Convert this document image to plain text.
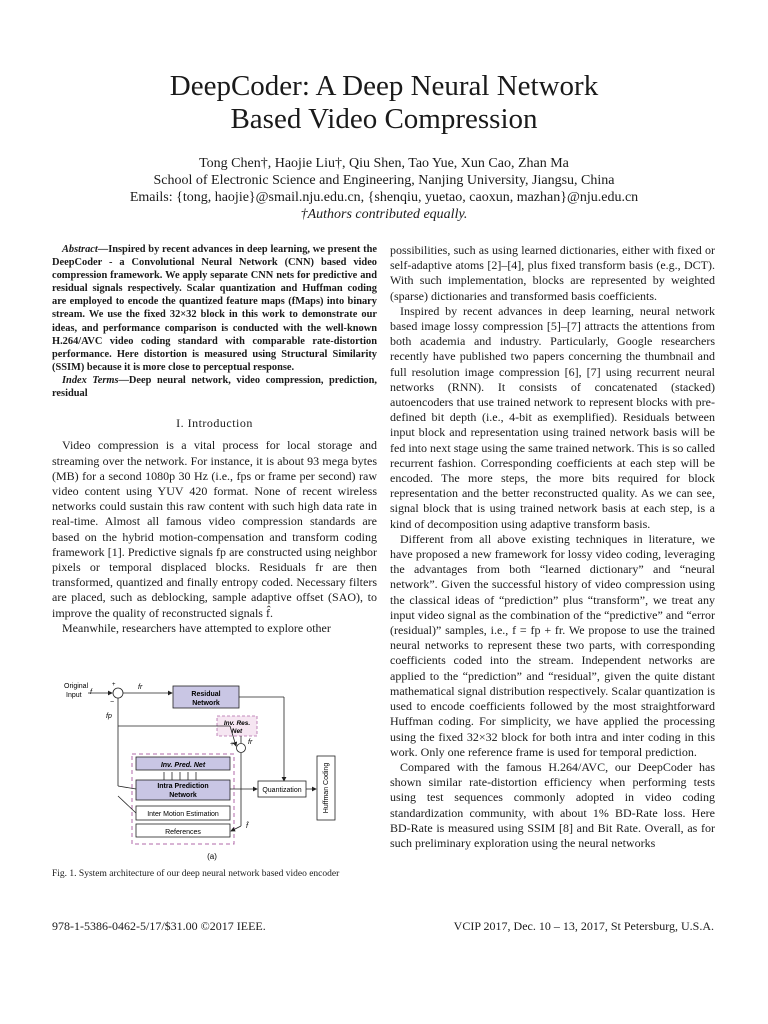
DeepCoder: A Deep Neural Network
Based Video Compression
Tong Chen†, Haojie Liu†, Qiu Shen, Tao Yue, Xun Cao, Zhan Ma
School of Electronic Science and Engineering, Nanjing University, Jiangsu, China
Emails: {tong, haojie}@smail.nju.edu.cn, {shenqiu, yuetao, caoxun, mazhan}@nju.edu.cn
†Authors contributed equally.

Abstract—Inspired by recent advances in deep learning, we present the DeepCoder - a Convolutional Neural Network (CNN) based video compression framework. We apply separate CNN nets for predictive and residual signals respectively. Scalar quantization and Huffman coding are employed to encode the quantized feature maps (fMaps) into binary stream. We use the fixed 32×32 block in this work to demonstrate our ideas, and performance comparison is conducted with the well-known H.264/AVC video coding standard with comparable rate-distortion performance. Here distortion is measured using Structural Similarity (SSIM) because it is more close to perceptual response.

Index Terms—Deep neural network, video compression, prediction, residual

I. Introduction

Video compression is a vital process for local storage and streaming over the network. For instance, it is about 93 mega bytes (MB) for a second 1080p 30 Hz (i.e., fps or frame per second) raw video content using YUV 420 format. None of recent wireless networks could sustain this raw content with such high data rate in real-time. Almost all famous video compression standards are based on the hybrid motion-compensation and transform coding framework [1]. Predictive signals fp are constructed using neighbor pixels or temporal displaced blocks. Residuals fr are then transformed, quantized and finally entropy coded. Necessary filters are placed, such as deblocking, sample adaptive offset (SAO), to improve the quality of reconstructed signals f̂.

Meanwhile, researchers have attempted to explore other

Original
Input f
+
−
fr
Residual
Network
Inv. Res.
Net
+ fr
Inv. Pred. Net
Intra Prediction
Network
Inter Motion Estimation
References
Quantization	Huffman Coding
f̂
fp
(a)
Fig. 1. System architecture of our deep neural network based video encoder

possibilities, such as using learned dictionaries, either with fixed or self-adaptive atoms [2]–[4], plus fixed transform basis (e.g., DCT). With such implementation, blocks are represented by weighted (sparse) dictionaries and transformed basis coefficients.

Inspired by recent advances in deep learning, neural network based image lossy compression [5]–[7] attracts the attentions from both academia and industry. Particularly, Google researchers recently have published two papers concerning the thumbnail and full resolution image compression [6], [7] using recurrent neural networks (RNN). It consists of concatenated (stacked) autoencoders that use trained network to represent blocks with pre-defined bit depth (i.e., 4-bit as exemplified). Residuals between input block and representation using trained network basis will be fed into next stage using the same trained network. This is so called recurrent fashion. Corresponding coefficients at each step will be encoded. The more steps, the more bits required for block representation and the better reconstructed quality. As we can see, signal block that is using trained network basis at each step, is a kind of decomposition using adaptive transform basis.

Different from all above existing techniques in literature, we have proposed a new framework for lossy video coding, leveraging the advantages from both “learned dictionary” and “neural network”. Given the successful history of video compression using the classical ideas of “prediction” plus “transform”, we treat any input video signal as the combination of the “predictive” and “error (residual)” samples, i.e., f = fp + fr. We propose to use the trained neural networks to represent these two parts, with corresponding coefficients coded into the stream. Independent networks are applied to the “prediction” and “residual”, given the quite distant mathematical signal distribution respectively. Scalar quantization is used to encode coefficients followed by the most straightforward Huffman coding. For simplicity, we have applied the processing using the fixed 32×32 block for both intra and inter coding in this work. Only one reference frame is used for temporal prediction.

Compared with the famous H.264/AVC, our DeepCoder has shown similar rate-distortion efficiency when performing tests using test sequences commonly adopted in video coding standardization community, with about 1% BD-Rate loss. Here BD-Rate is measured using SSIM [8] and Bit Rate. Overall, as for such preliminary exploration using the neural networks

978-1-5386-0462-5/17/$31.00 ©2017 IEEE.	VCIP 2017, Dec. 10 – 13, 2017, St Petersburg, U.S.A.
